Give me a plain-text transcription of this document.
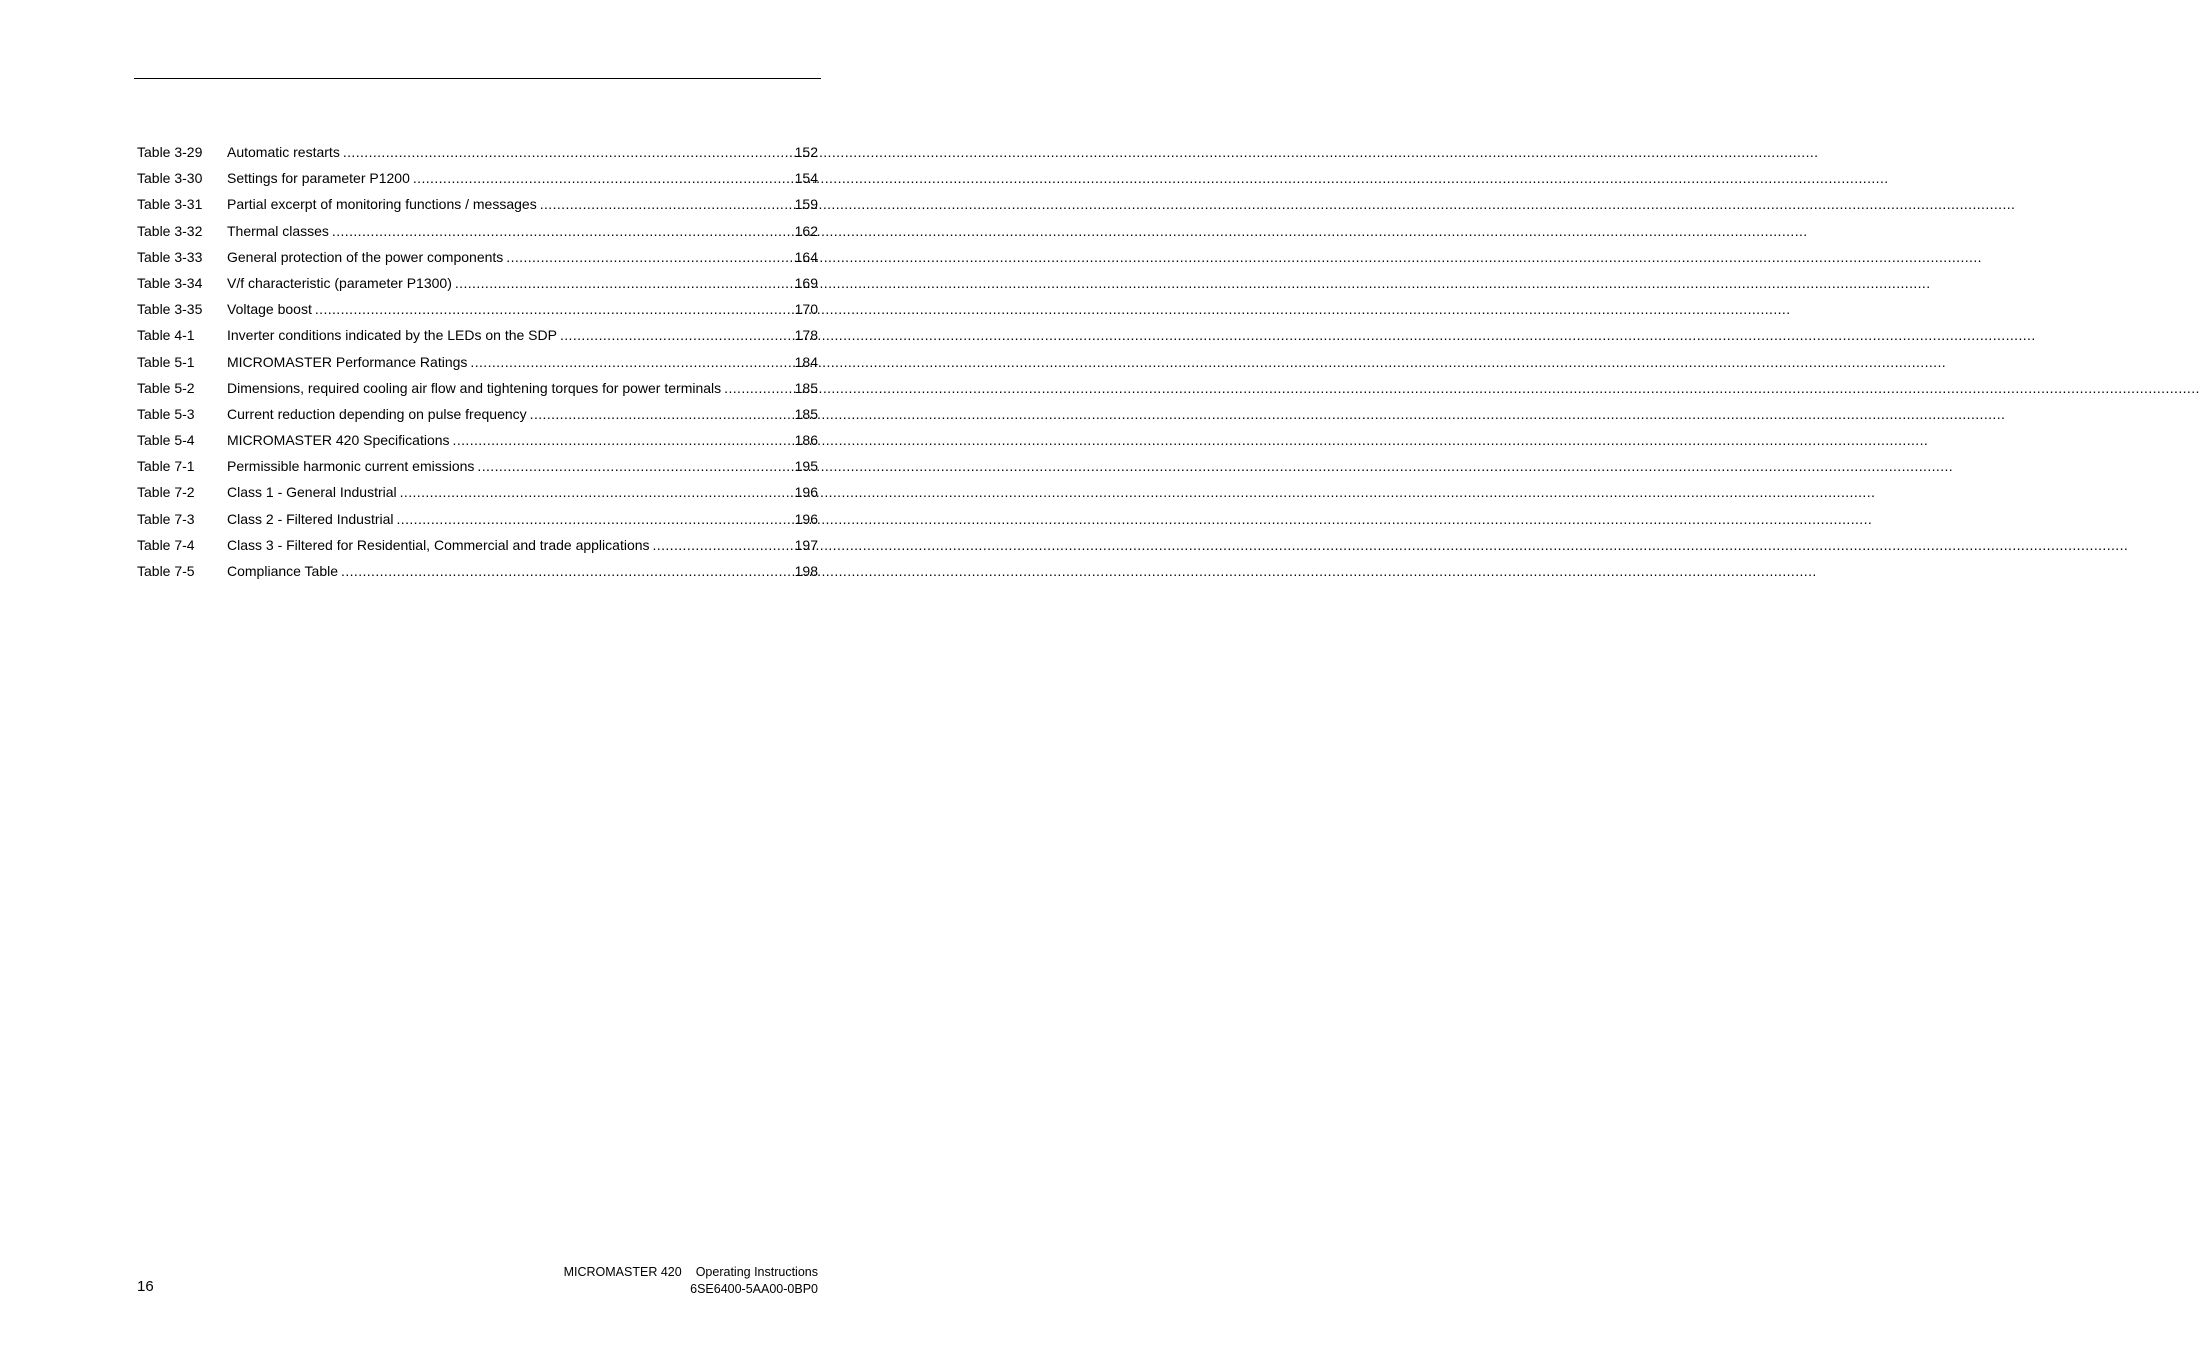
Table 3-29	Automatic restarts .....	152
Table 3-30	Settings for parameter P1200 .....	154
Table 3-31	Partial excerpt of monitoring functions / messages .....	159
Table 3-32	Thermal classes .....	162
Table 3-33	General protection of the power components .....	164
Table 3-34	V/f characteristic (parameter P1300) .....	169
Table 3-35	Voltage boost .....	170
Table 4-1	Inverter conditions indicated by the LEDs on the SDP .....	178
Table 5-1	MICROMASTER Performance Ratings .....	184
Table 5-2	Dimensions, required cooling air flow and tightening torques for power terminals .....	185
Table 5-3	Current reduction depending on pulse frequency .....	185
Table 5-4	MICROMASTER 420 Specifications .....	186
Table 7-1	Permissible harmonic current emissions .....	195
Table 7-2	Class 1 - General Industrial .....	196
Table 7-3	Class 2 - Filtered Industrial .....	196
Table 7-4	Class 3 - Filtered for Residential, Commercial and trade applications .....	197
Table 7-5	Compliance Table .....	198
16
MICROMASTER 420 Operating Instructions
6SE6400-5AA00-0BP0
